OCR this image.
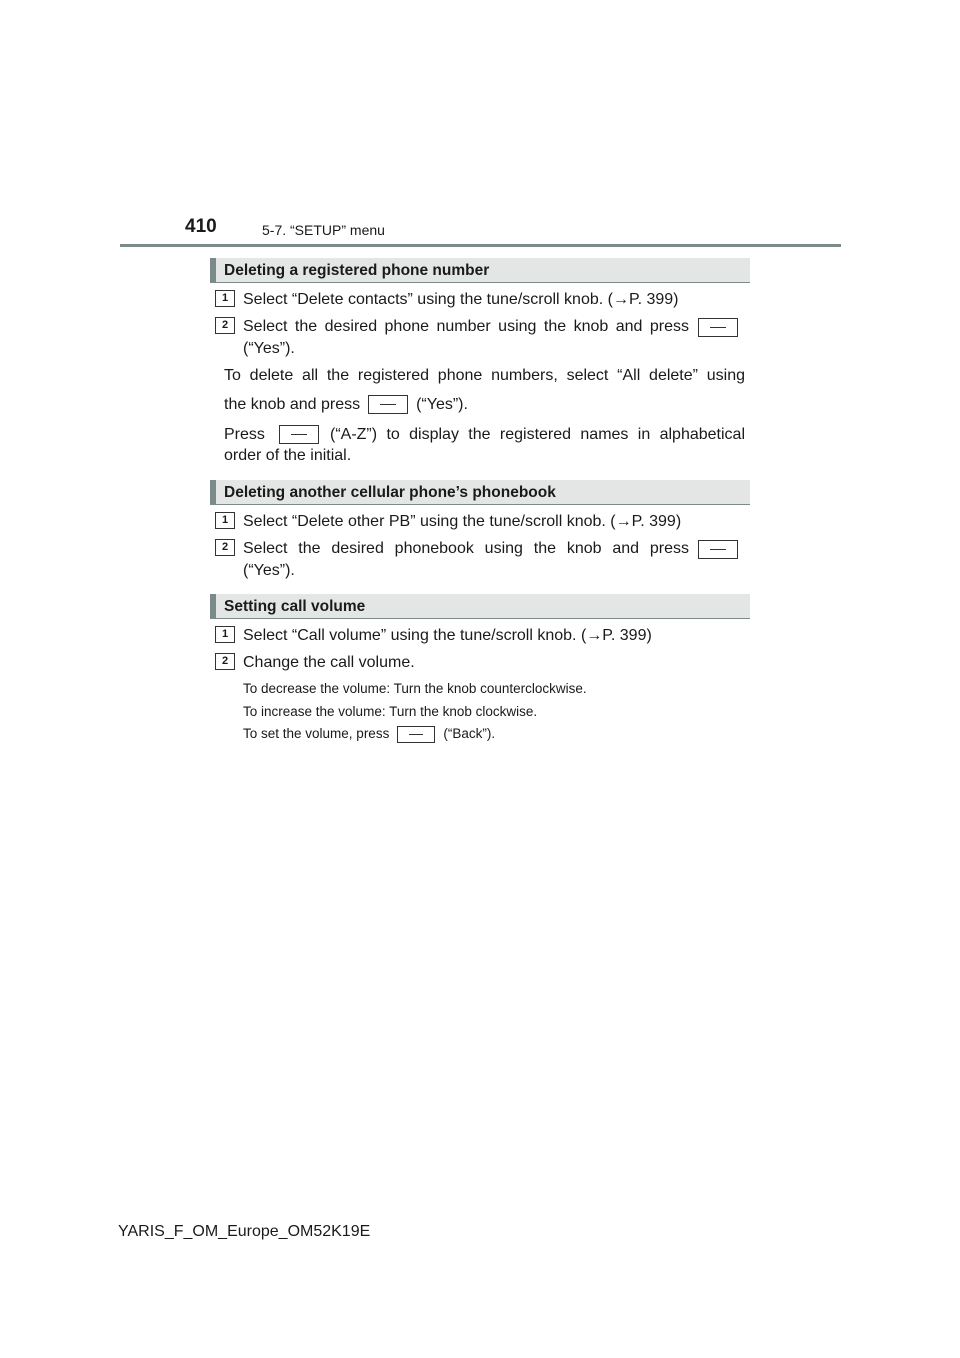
410	5-7. “SETUP” menu
Deleting a registered phone number
1 Select “Delete contacts” using the tune/scroll knob. (→P. 399)
2 Select the desired phone number using the knob and press
(“Yes”).
To delete all the registered phone numbers, select “All delete” using
the knob and press	(“Yes”).
Press	(“A-Z”) to display the registered names in alphabetical
order of the initial.
Deleting another cellular phone’s phonebook
1 Select “Delete other PB” using the tune/scroll knob. (→P. 399)
2 Select the desired phonebook using the knob and press
(“Yes”).
Setting call volume
1 Select “Call volume” using the tune/scroll knob. (→P. 399)
2 Change the call volume.
To decrease the volume: Turn the knob counterclockwise.
To increase the volume: Turn the knob clockwise.
To set the volume, press	(“Back”).
YARIS_F_OM_Europe_OM52K19E
